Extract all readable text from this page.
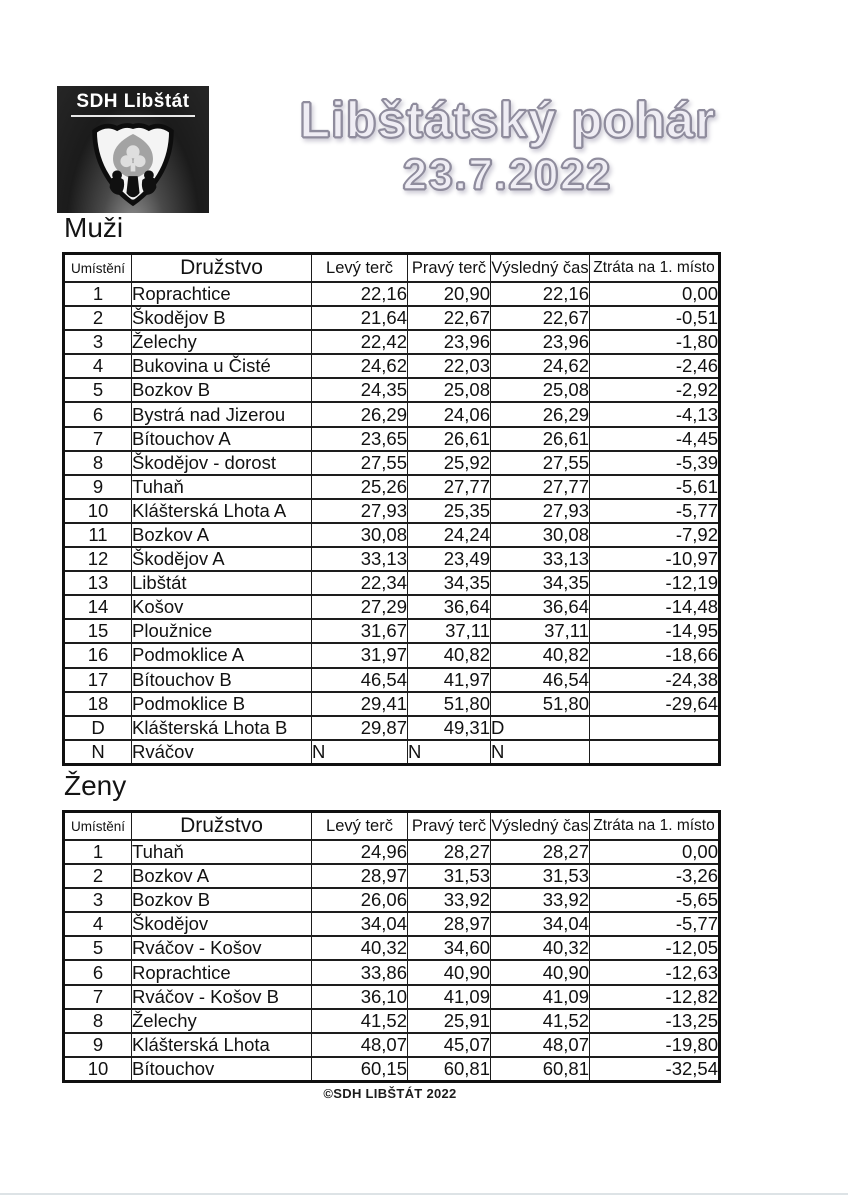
SDH Libštát	Libštátský pohár
23.7.2022
Muži
Umístění	Družstvo	Levý terč	Pravý terč	Výsledný čas	Ztráta na 1. místo
1	Roprachtice	22,16	20,90	22,16	0,00
2	Škodějov B	21,64	22,67	22,67	-0,51
3	Želechy	22,42	23,96	23,96	-1,80
4	Bukovina u Čisté	24,62	22,03	24,62	-2,46
5	Bozkov B	24,35	25,08	25,08	-2,92
6	Bystrá nad Jizerou	26,29	24,06	26,29	-4,13
7	Bítouchov A	23,65	26,61	26,61	-4,45
8	Škodějov - dorost	27,55	25,92	27,55	-5,39
9	Tuhaň	25,26	27,77	27,77	-5,61
10	Klášterská Lhota A	27,93	25,35	27,93	-5,77
11	Bozkov A	30,08	24,24	30,08	-7,92
12	Škodějov A	33,13	23,49	33,13	-10,97
13	Libštát	22,34	34,35	34,35	-12,19
14	Košov	27,29	36,64	36,64	-14,48
15	Ploužnice	31,67	37,11	37,11	-14,95
16	Podmoklice A	31,97	40,82	40,82	-18,66
17	Bítouchov B	46,54	41,97	46,54	-24,38
18	Podmoklice B	29,41	51,80	51,80	-29,64
D	Klášterská Lhota B	29,87	49,31	D	
N	Rváčov	N	N	N	
Ženy
Umístění	Družstvo	Levý terč	Pravý terč	Výsledný čas	Ztráta na 1. místo
1	Tuhaň	24,96	28,27	28,27	0,00
2	Bozkov A	28,97	31,53	31,53	-3,26
3	Bozkov B	26,06	33,92	33,92	-5,65
4	Škodějov	34,04	28,97	34,04	-5,77
5	Rváčov - Košov	40,32	34,60	40,32	-12,05
6	Roprachtice	33,86	40,90	40,90	-12,63
7	Rváčov - Košov B	36,10	41,09	41,09	-12,82
8	Želechy	41,52	25,91	41,52	-13,25
9	Klášterská Lhota	48,07	45,07	48,07	-19,80
10	Bítouchov	60,15	60,81	60,81	-32,54
©SDH LIBŠTÁT 2022
